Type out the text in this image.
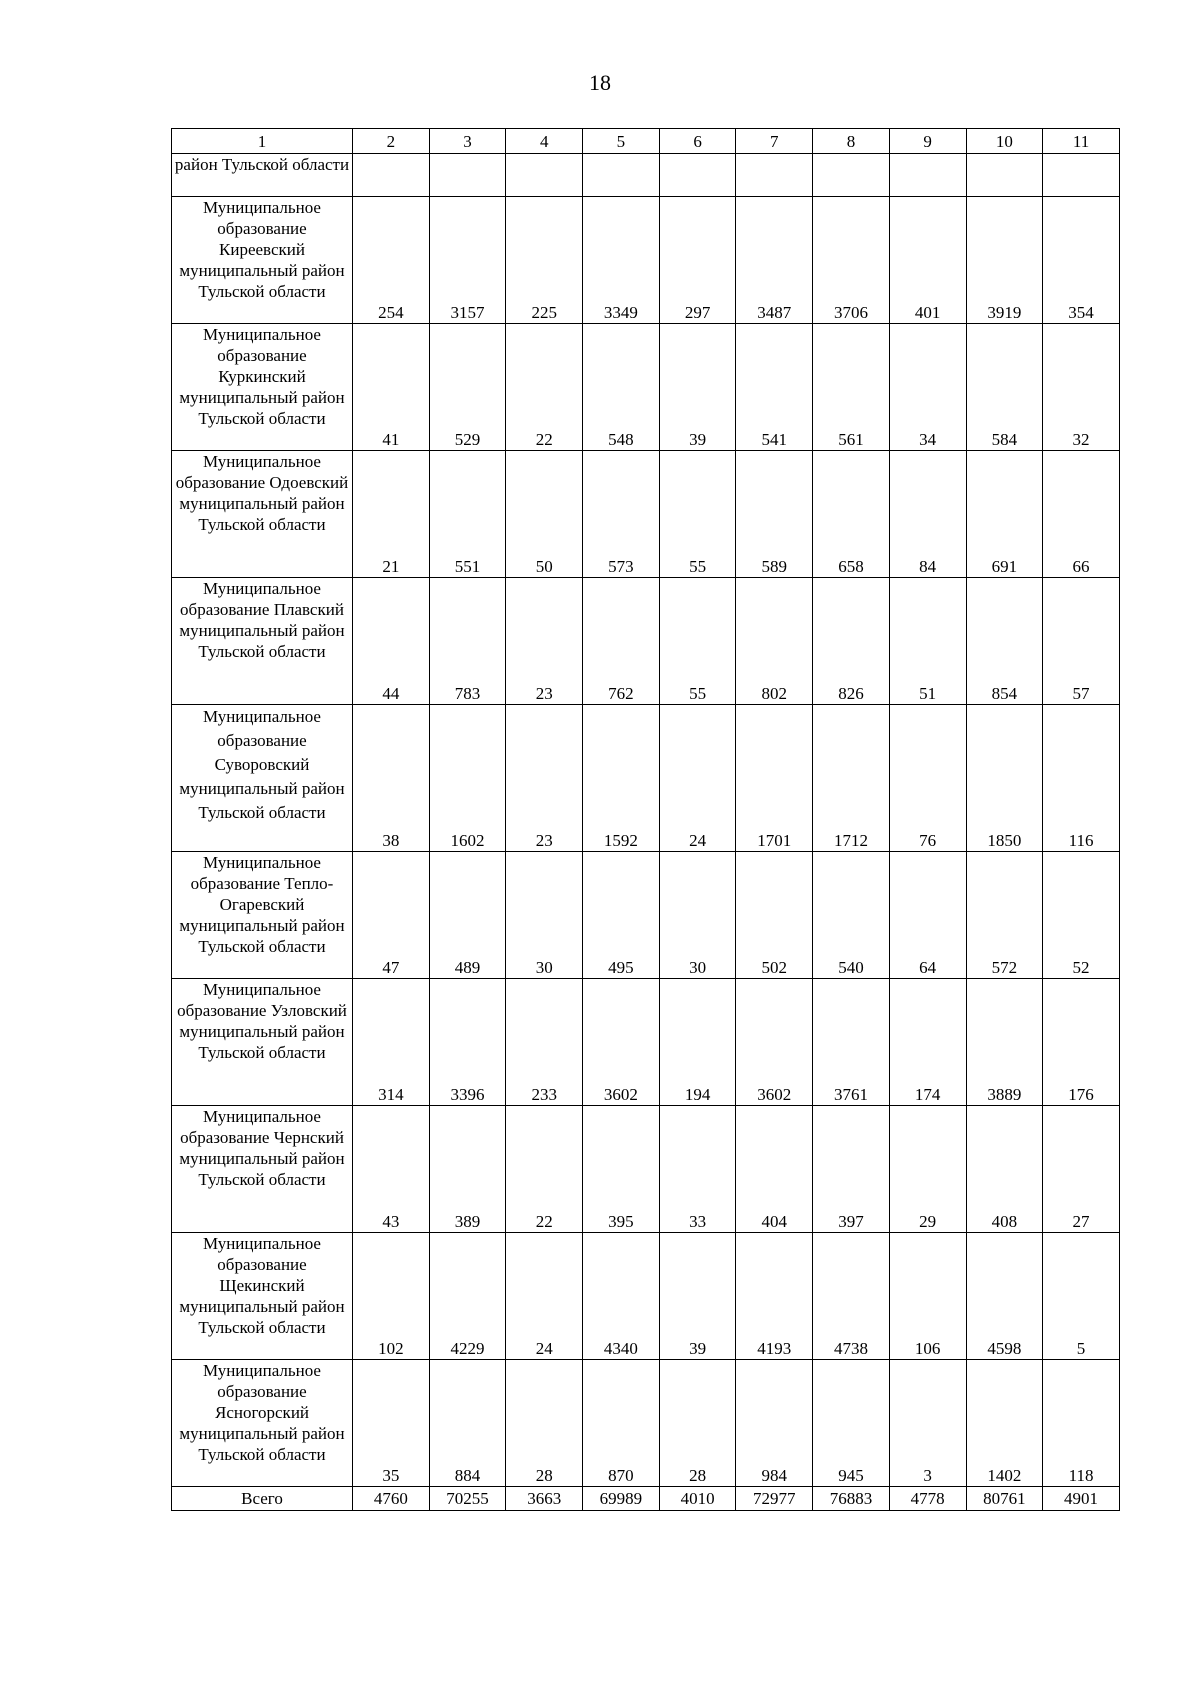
18
1	2	3	4	5	6	7	8	9	10	11
район Тульской области										
Муниципальное образование Киреевский муниципальный район Тульской области	254	3157	225	3349	297	3487	3706	401	3919	354
Муниципальное образование Куркинский муниципальный район Тульской области	41	529	22	548	39	541	561	34	584	32
Муниципальное образование Одоевский муниципальный район Тульской области	21	551	50	573	55	589	658	84	691	66
Муниципальное образование Плавский муниципальный район Тульской области	44	783	23	762	55	802	826	51	854	57
Муниципальное образование Суворовский муниципальный район Тульской области	38	1602	23	1592	24	1701	1712	76	1850	116
Муниципальное образование Тепло-Огаревский муниципальный район Тульской области	47	489	30	495	30	502	540	64	572	52
Муниципальное образование Узловский муниципальный район Тульской области	314	3396	233	3602	194	3602	3761	174	3889	176
Муниципальное образование Чернский муниципальный район Тульской области	43	389	22	395	33	404	397	29	408	27
Муниципальное образование Щекинский муниципальный район Тульской области	102	4229	24	4340	39	4193	4738	106	4598	5
Муниципальное образование Ясногорский муниципальный район Тульской области	35	884	28	870	28	984	945	3	1402	118
Всего	4760	70255	3663	69989	4010	72977	76883	4778	80761	4901
